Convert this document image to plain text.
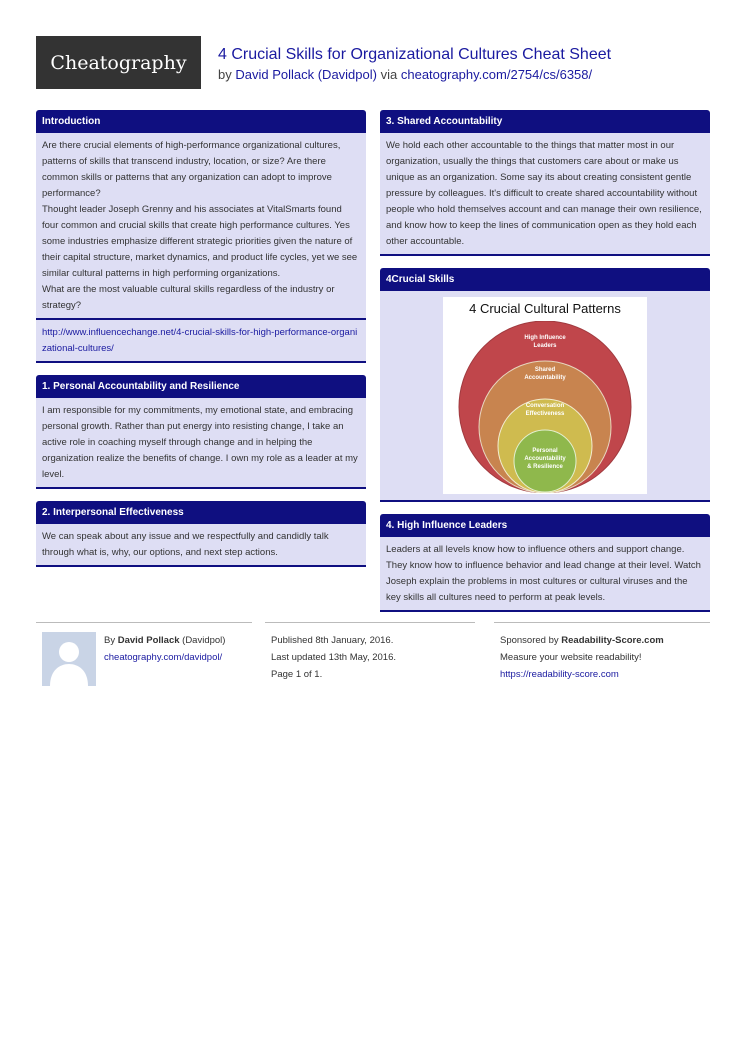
Cheatography	4 Crucial Skills for Organizational Cultures Cheat Sheet
by David Pollack (Davidpol) via cheatography.com/2754/cs/6358/
Introduction

Are there crucial elements of high-performance organizational cultures, patterns of skills that transcend industry, location, or size? Are there common skills or patterns that any organization can adopt to improve performance?

Thought leader Joseph Grenny and his associates at VitalSmarts found four common and crucial skills that create high performance cultures. Yes some industries emphasize different strategic priorities given the nature of their capital structure, market dynamics, and product life cycles, yet we see similar cultural patterns in high performing organizations.

What are the most valuable cultural skills regardless of the industry or strategy?

http://www.influencechange.net/4-crucial-skills-for-high-performance-organizational-cultures/
1. Personal Accountability and Resilience
I am responsible for my commitments, my emotional state, and embracing personal growth. Rather than put energy into resisting change, I take an active role in coaching myself through change and in helping the organization realize the benefits of change. I own my role as a leader at my level.
2. Interpersonal Effectiveness
We can speak about any issue and we respectfully and candidly talk through what is, why, our options, and next step actions.
3. Shared Accountability
We hold each other accountable to the things that matter most in our organization, usually the things that customers care about or make us unique as an organization. Some say its about creating consistent gentle pressure by colleagues. It's difficult to create shared accountability without people who hold themselves account and can manage their own resilience, and know how to keep the lines of communication open as they hold each other accountable.
4Crucial Skills
4 Crucial Cultural Patterns
High Influence
Leaders
Shared
Accountability
Conversation
Effectiveness
Personal
Accountability
& Resilience
4. High Influence Leaders
Leaders at all levels know how to influence others and support change. They know how to influence behavior and lead change at their level. Watch Joseph explain the problems in most cultures or cultural viruses and the key skills all cultures need to perform at peak levels.
By David Pollack (Davidpol)
cheatography.com/davidpol/
Published 8th January, 2016.
Last updated 13th May, 2016.
Page 1 of 1.
Sponsored by Readability-Score.com
Measure your website readability!
https://readability-score.com
